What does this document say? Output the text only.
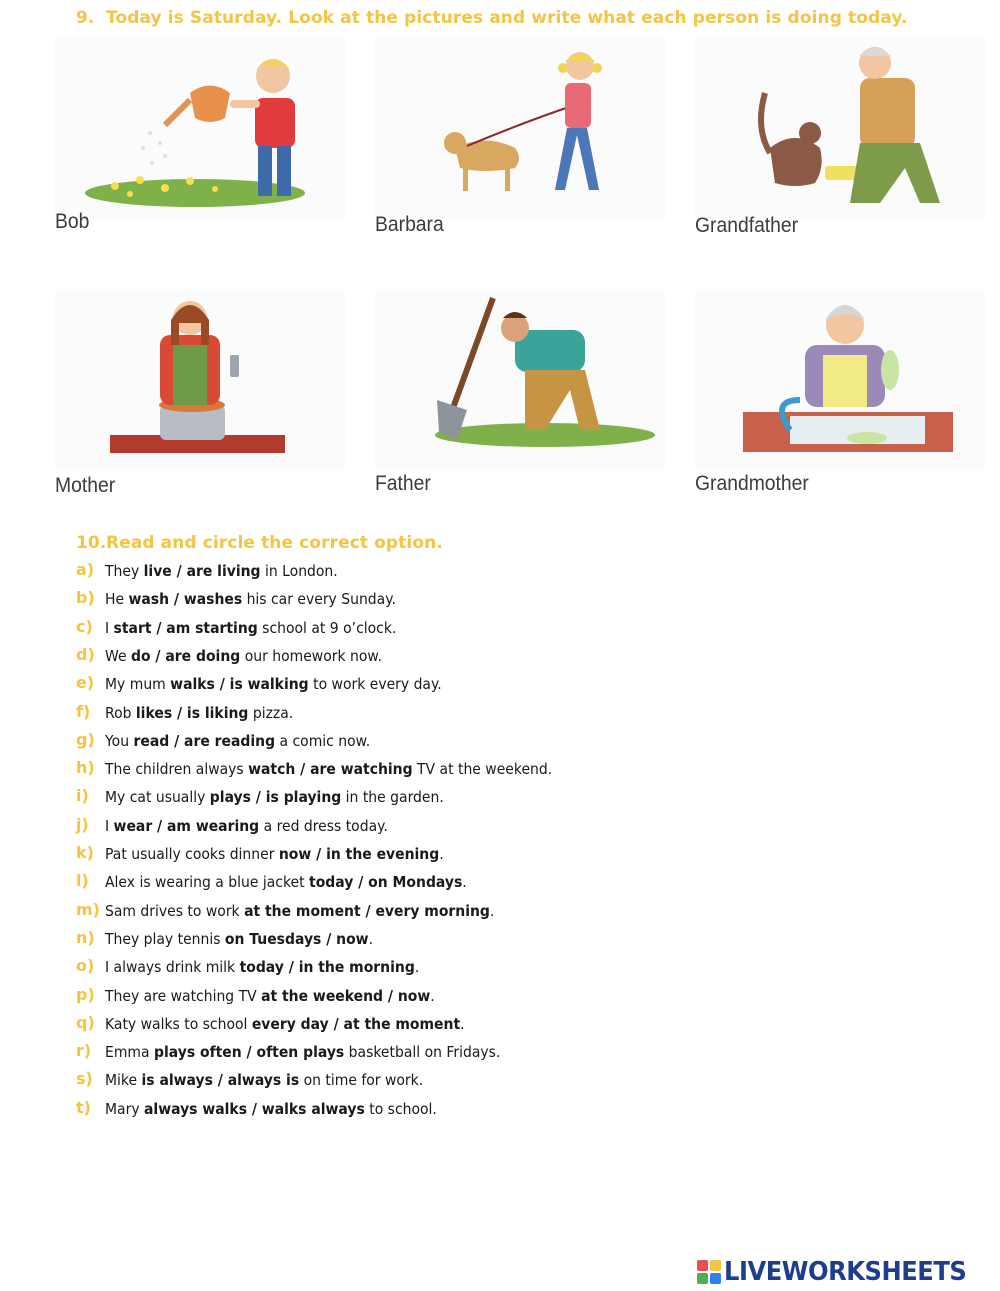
9. Today is Saturday. Look at the pictures and write what each person is doing today.
Bob	Barbara	Grandfather
Mother	Father	Grandmother
10.Read and circle the correct option.
a) They live / are living in London.
b) He wash / washes his car every Sunday.
c) I start / am starting school at 9 o’clock.
d) We do / are doing our homework now.
e) My mum walks / is walking to work every day.
f) Rob likes / is liking pizza.
g) You read / are reading a comic now.
h) The children always watch / are watching TV at the weekend.
i)	My cat usually plays / is playing in the garden.
j)	I wear / am wearing a red dress today.
k) Pat usually cooks dinner now / in the evening.
l)	Alex is wearing a blue jacket today / on Mondays.
m) Sam drives to work at the moment / every morning.
n) They play tennis on Tuesdays / now.
o) I always drink milk today / in the morning.
p) They are watching TV at the weekend / now.
q) Katy walks to school every day / at the moment.
r) Emma plays often / often plays basketball on Fridays.
s) Mike is always / always is on time for work.
t) Mary always walks / walks always to school.
LIVEWORKSHEETS
